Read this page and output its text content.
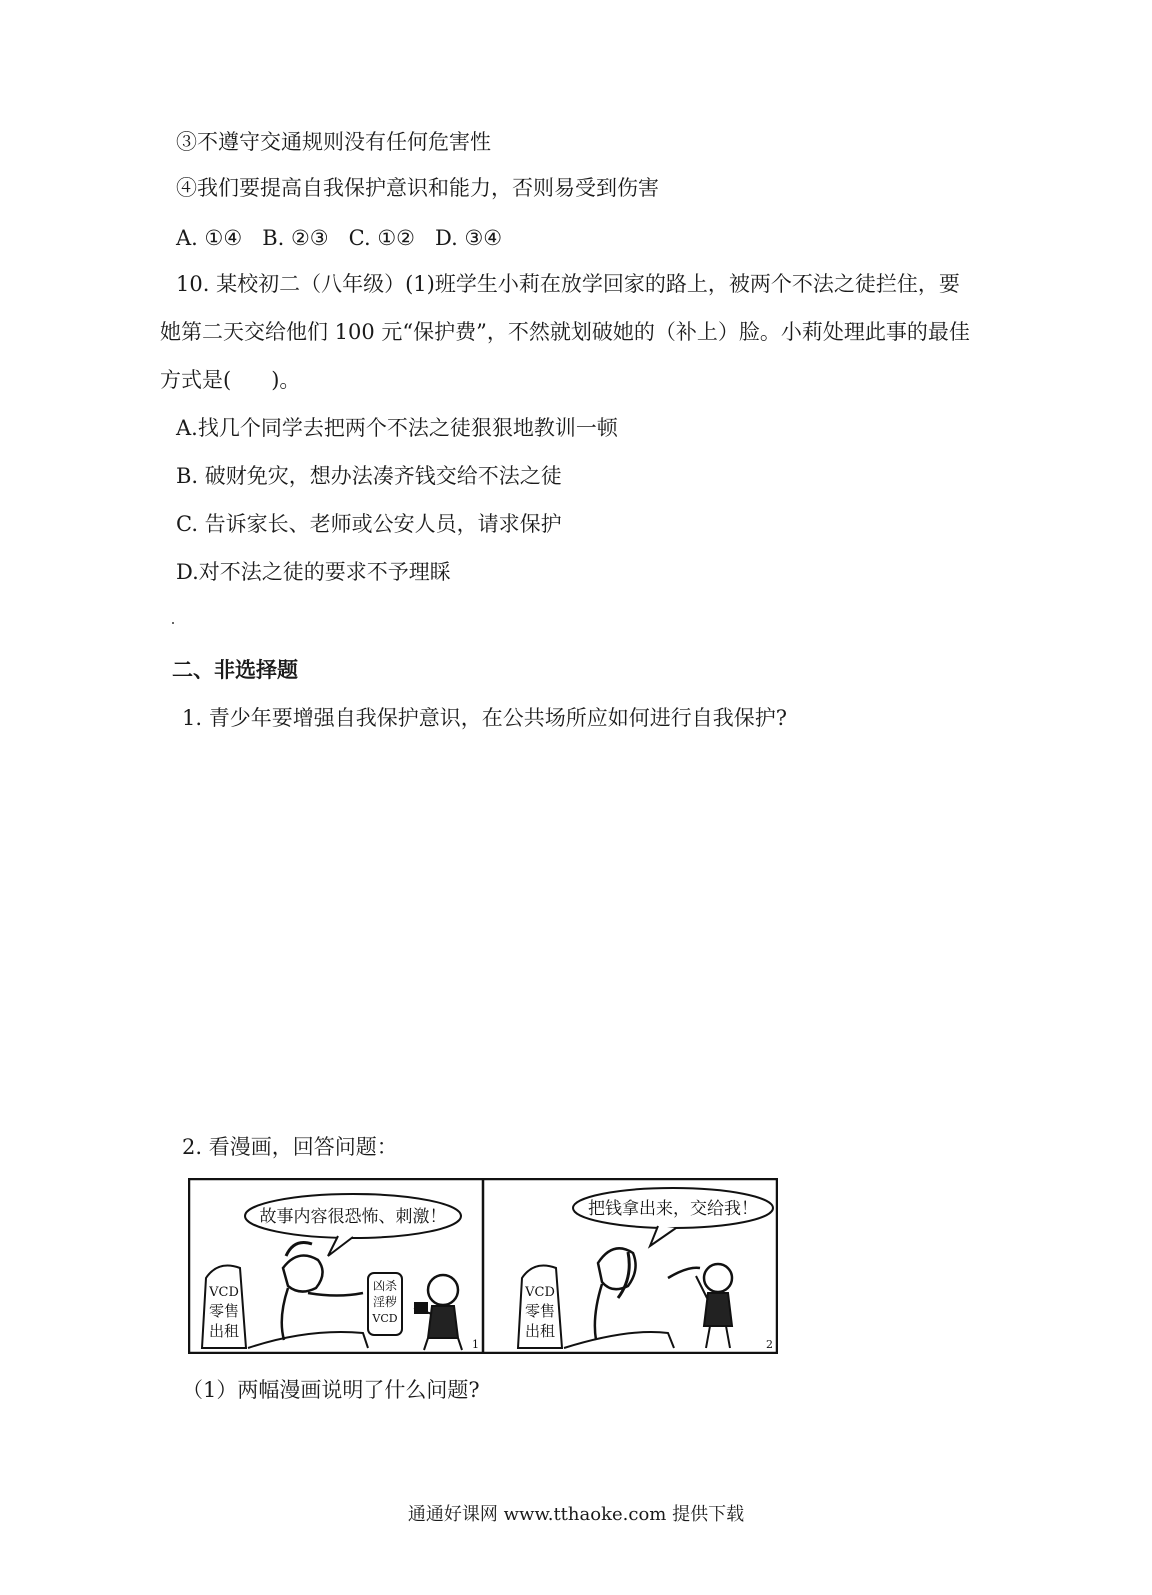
③不遵守交通规则没有任何危害性
④我们要提高自我保护意识和能力，否则易受到伤害
A. ①④   B. ②③   C. ①②   D. ③④
10. 某校初二（八年级）(1)班学生小莉在放学回家的路上，被两个不法之徒拦住，要
她第二天交给他们 100 元“保护费”，不然就划破她的（补上）脸。小莉处理此事的最佳
方式是(      )。
A.找几个同学去把两个不法之徒狠狠地教训一顿
B. 破财免灾，想办法凑齐钱交给不法之徒
C. 告诉家长、老师或公安人员，请求保护
D.对不法之徒的要求不予理睬
二、非选择题
1. 青少年要增强自我保护意识，在公共场所应如何进行自我保护?
2. 看漫画，回答问题：
故事内容很恐怖、刺激！
VCD
零售
出租
凶杀
淫秽
VCD
1
把钱拿出来，交给我！
VCD
零售
出租
2
（1）两幅漫画说明了什么问题?
通通好课网 www.tthaoke.com 提供下载
